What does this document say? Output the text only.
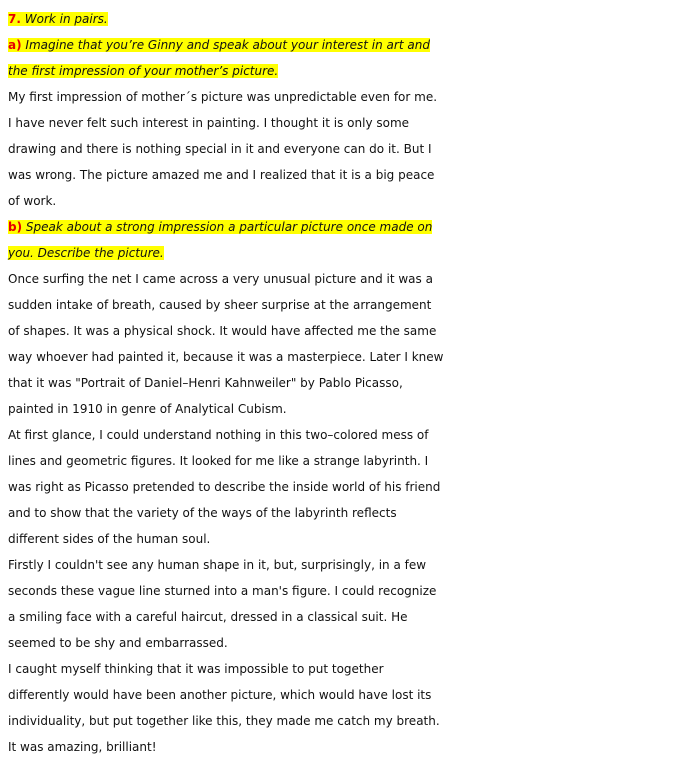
7. Work in pairs.
a) Imagine that you’re Ginny and speak about your interest in art and
the first impression of your mother’s picture.
My first impression of mother´s picture was unpredictable even for me.
I have never felt such interest in painting. I thought it is only some
drawing and there is nothing special in it and everyone can do it. But I
was wrong. The picture amazed me and I realized that it is a big peace
of work.
b) Speak about a strong impression a particular picture once made on
you. Describe the picture.
Once surfing the net I came across a very unusual picture and it was a
sudden intake of breath, caused by sheer surprise at the arrangement
of shapes. It was a physical shock. It would have affected me the same
way whoever had painted it, because it was a masterpiece. Later I knew
that it was "Portrait of Daniel–Henri Kahnweiler" by Pablo Picasso,
painted in 1910 in genre of Analytical Cubism.
At first glance, I could understand nothing in this two–colored mess of
lines and geometric figures. It looked for me like a strange labyrinth. I
was right as Picasso pretended to describe the inside world of his friend
and to show that the variety of the ways of the labyrinth reflects
different sides of the human soul.
Firstly I couldn't see any human shape in it, but, surprisingly, in a few
seconds these vague line sturned into a man's figure. I could recognize
a smiling face with a careful haircut, dressed in a classical suit. He
seemed to be shy and embarrassed.
I caught myself thinking that it was impossible to put together
differently would have been another picture, which would have lost its
individuality, but put together like this, they made me catch my breath.
It was amazing, brilliant!
